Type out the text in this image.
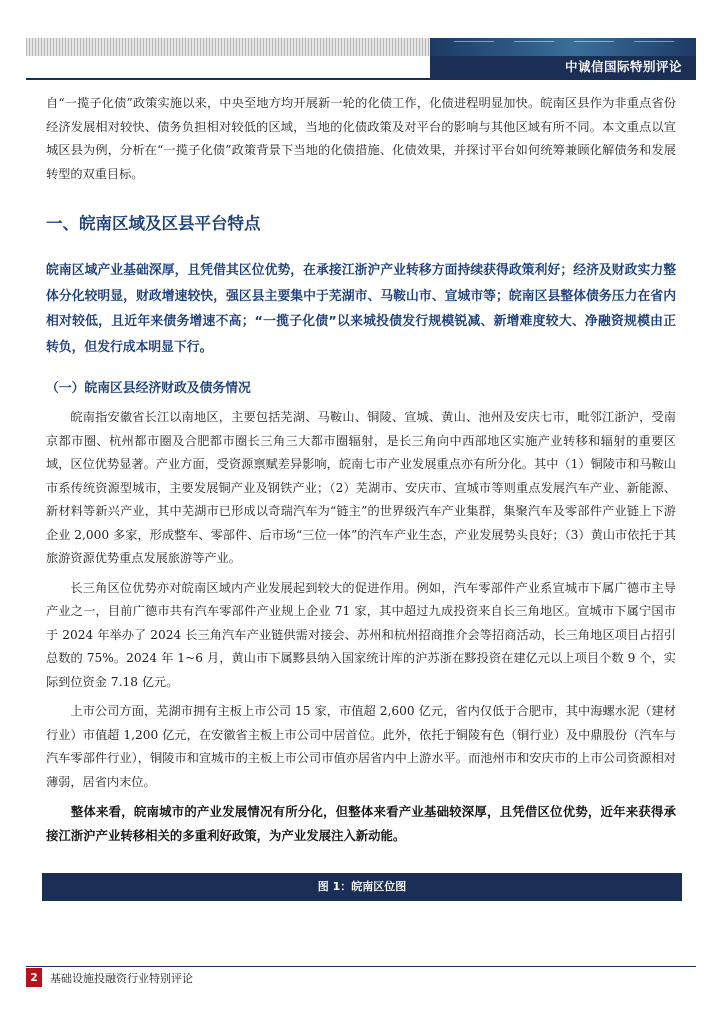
中诚信国际特别评论

自“一揽子化债”政策实施以来，中央至地方均开展新一轮的化债工作，化债进程明显加快。皖南区县作为非重点省份经济发展相对较快、债务负担相对较低的区域，当地的化债政策及对平台的影响与其他区域有所不同。本文重点以宣城区县为例，分析在“一揽子化债”政策背景下当地的化债措施、化债效果，并探讨平台如何统筹兼顾化解债务和发展转型的双重目标。

一、皖南区域及区县平台特点

皖南区域产业基础深厚，且凭借其区位优势，在承接江浙沪产业转移方面持续获得政策利好；经济及财政实力整体分化较明显，财政增速较快，强区县主要集中于芜湖市、马鞍山市、宣城市等；皖南区县整体债务压力在省内相对较低，且近年来债务增速不高；“一揽子化债”以来城投债发行规模锐减、新增难度较大、净融资规模由正转负，但发行成本明显下行。

（一）皖南区县经济财政及债务情况

皖南指安徽省长江以南地区，主要包括芜湖、马鞍山、铜陵、宣城、黄山、池州及安庆七市，毗邻江浙沪，受南京都市圈、杭州都市圈及合肥都市圈长三角三大都市圈辐射，是长三角向中西部地区实施产业转移和辐射的重要区域，区位优势显著。产业方面，受资源禀赋差异影响，皖南七市产业发展重点亦有所分化。其中（1）铜陵市和马鞍山市系传统资源型城市，主要发展铜产业及钢铁产业；（2）芜湖市、安庆市、宣城市等则重点发展汽车产业、新能源、新材料等新兴产业，其中芜湖市已形成以奇瑞汽车为“链主”的世界级汽车产业集群，集聚汽车及零部件产业链上下游企业 2,000 多家，形成整车、零部件、后市场“三位一体”的汽车产业生态，产业发展势头良好；（3）黄山市依托于其旅游资源优势重点发展旅游等产业。

长三角区位优势亦对皖南区域内产业发展起到较大的促进作用。例如，汽车零部件产业系宣城市下属广德市主导产业之一，目前广德市共有汽车零部件产业规上企业 71 家，其中超过九成投资来自长三角地区。宣城市下属宁国市于 2024 年举办了 2024 长三角汽车产业链供需对接会、苏州和杭州招商推介会等招商活动，长三角地区项目占招引总数的 75%。2024 年 1~6 月，黄山市下属黟县纳入国家统计库的沪苏浙在黟投资在建亿元以上项目个数 9 个，实际到位资金 7.18 亿元。

上市公司方面，芜湖市拥有主板上市公司 15 家，市值超 2,600 亿元，省内仅低于合肥市，其中海螺水泥（建材行业）市值超 1,200 亿元，在安徽省主板上市公司中居首位。此外，依托于铜陵有色（铜行业）及中鼎股份（汽车与汽车零部件行业），铜陵市和宣城市的主板上市公司市值亦居省内中上游水平。而池州市和安庆市的上市公司资源相对薄弱，居省内末位。

整体来看，皖南城市的产业发展情况有所分化，但整体来看产业基础较深厚，且凭借区位优势，近年来获得承接江浙沪产业转移相关的多重利好政策，为产业发展注入新动能。

图 1：皖南区位图
2	基础设施投融资行业特别评论
